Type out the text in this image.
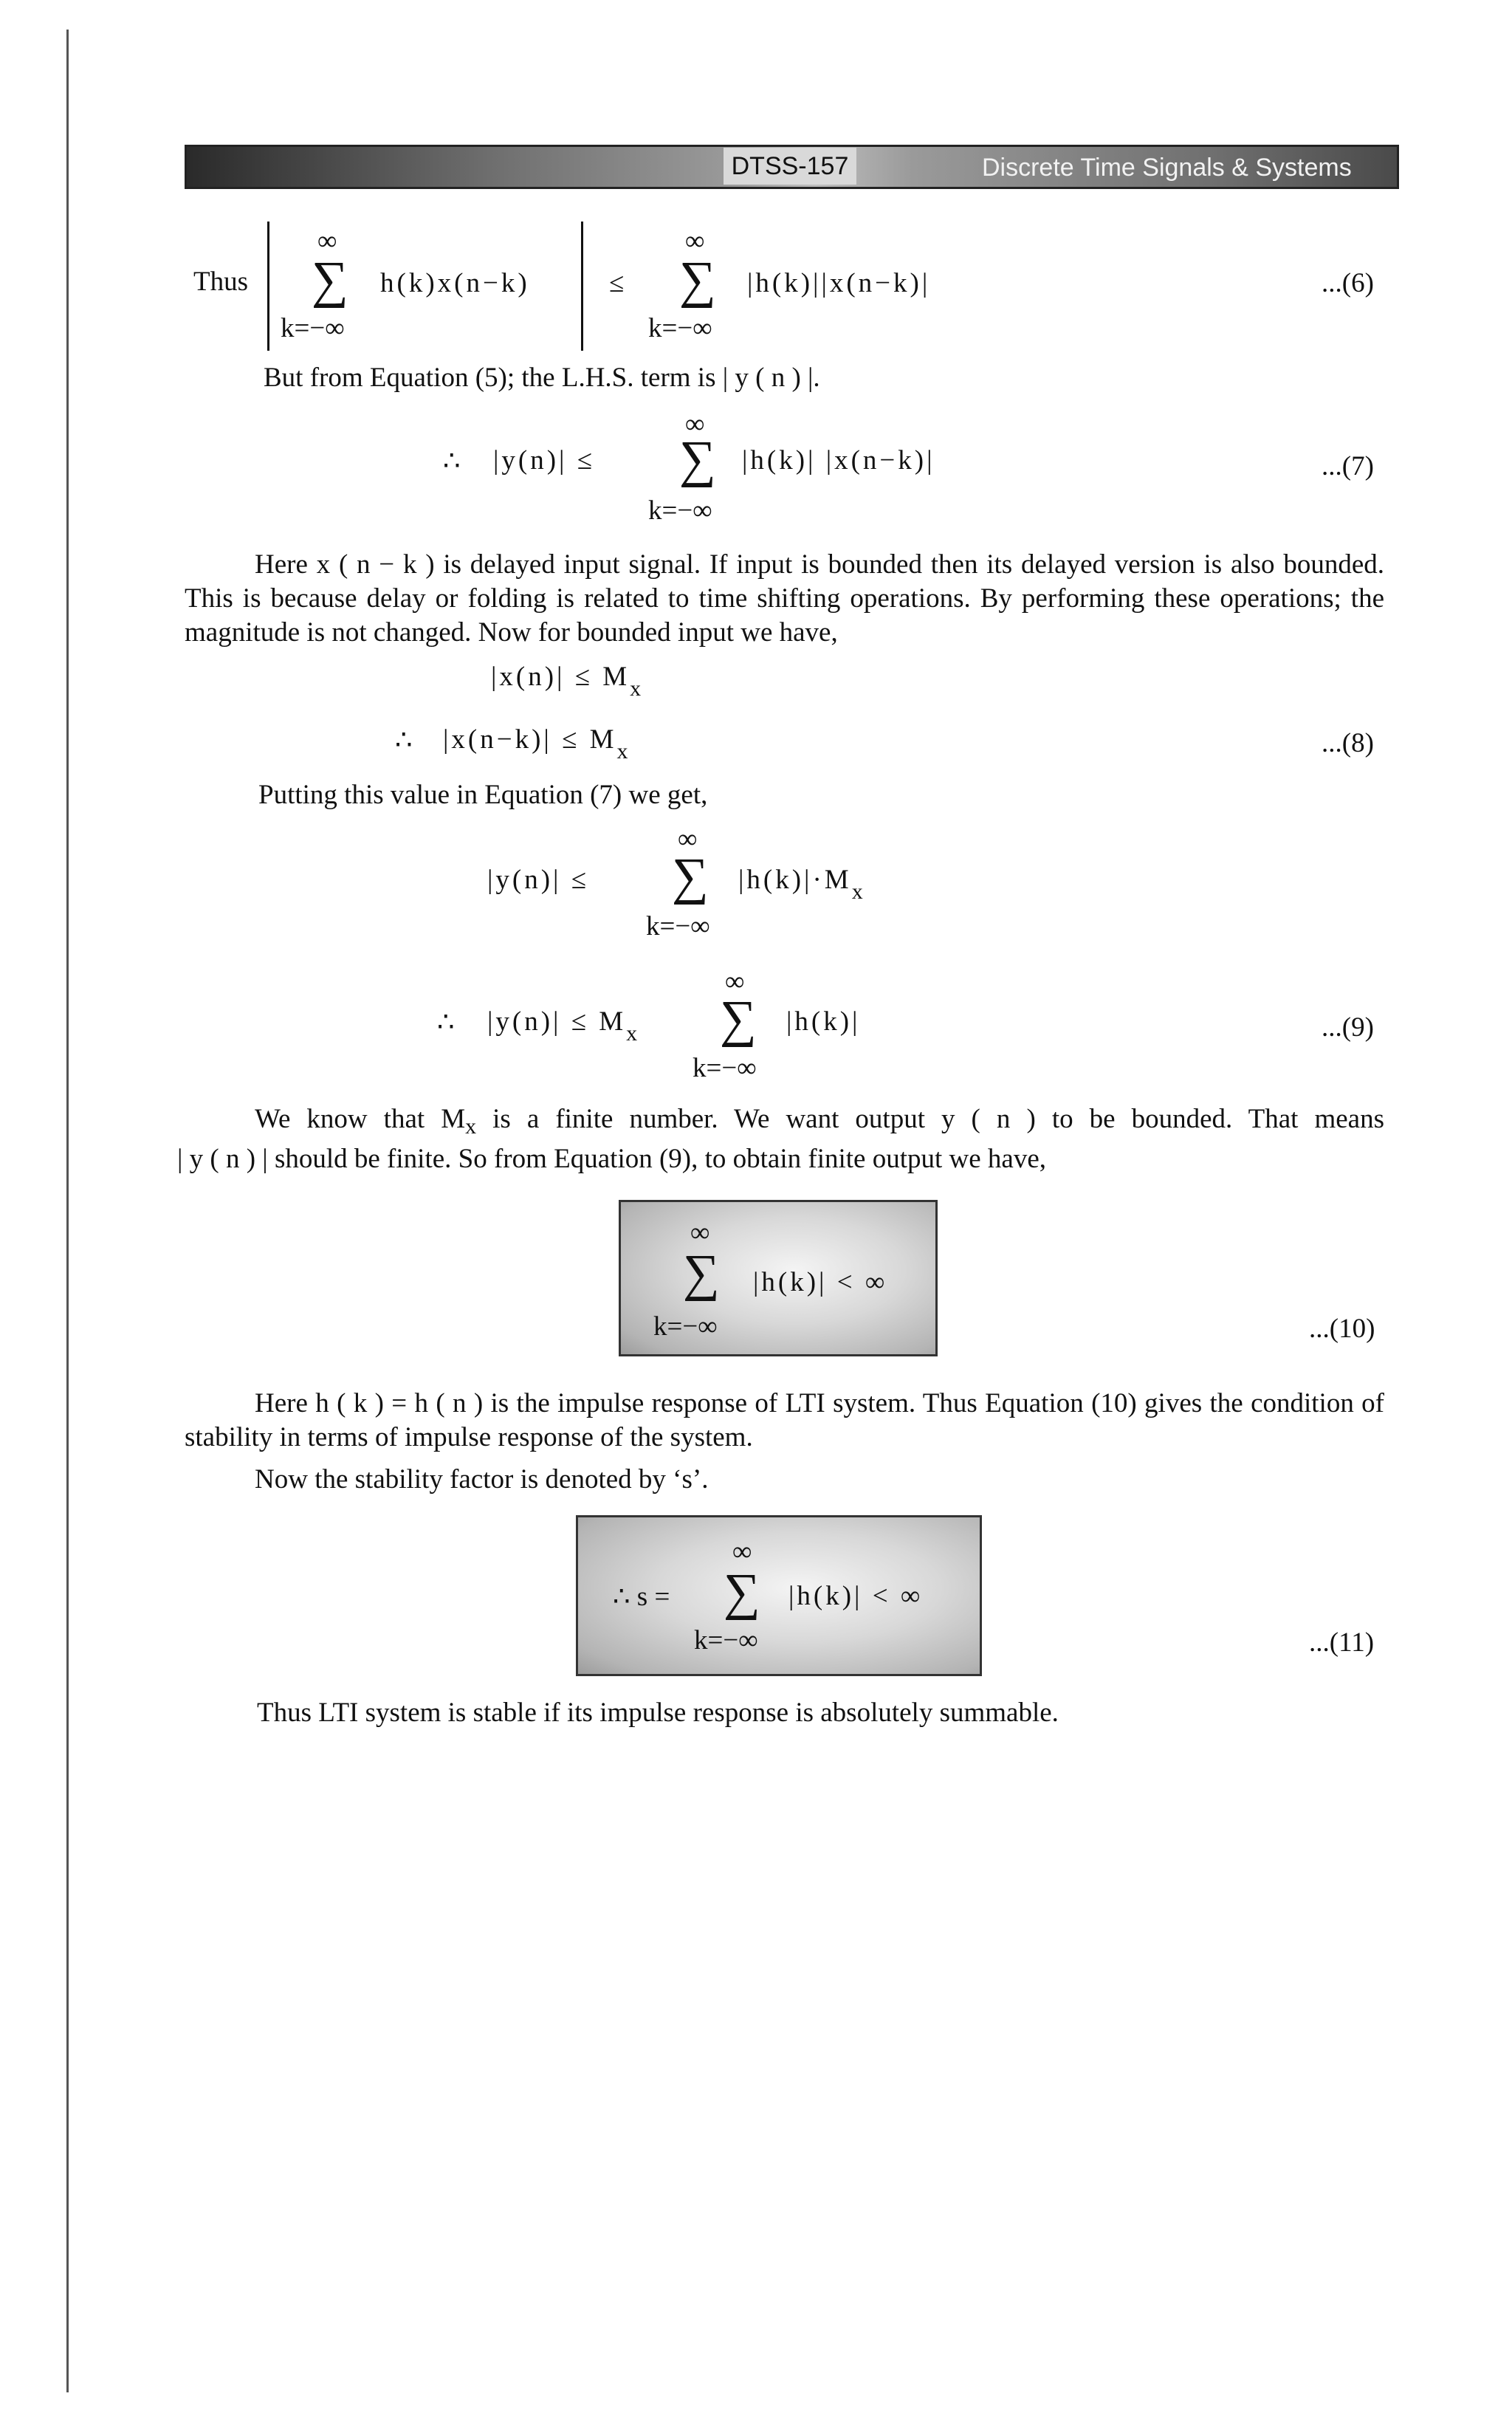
DTSS-157	Discrete Time Signals & Systems
Thus
∞
∑ h(k)x(n−k)
k=−∞
≤
∞
∑ |h(k)||x(n−k)|
k=−∞
...(6)
But from Equation (5); the L.H.S. term is | y ( n ) |.
∴ |y(n)| ≤
∞
∑ |h(k)| |x(n−k)|
k=−∞
...(7)
Here x ( n − k ) is delayed input signal. If input is bounded then its delayed version is also bounded. This is because delay or folding is related to time shifting operations. By performing these operations; the magnitude is not changed. Now for bounded input we have,
$|x(n)| \le M_x$
∴ $|x(n-k)| \le M_x$	...(8)
Putting this value in Equation (7) we get,
|y(n)| ≤
∞
∑ $|h(k)|\cdot M_x$
k=−∞
∴ $|y(n)| \le M_x$
∞
∑ |h(k)|
k=−∞
...(9)
We know that $M_x$ is a finite number. We want output y ( n ) to be bounded. That means
| y ( n ) | should be finite. So from Equation (9), to obtain finite output we have,
∞
∑ |h(k)| < ∞
k=−∞	...(10)
Here h ( k ) = h ( n ) is the impulse response of LTI system. Thus Equation (10) gives the condition of stability in terms of impulse response of the system.
Now the stability factor is denoted by ‘s’.
∴ s =
∞
∑ |h(k)| < ∞
k=−∞	...(11)
Thus LTI system is stable if its impulse response is absolutely summable.
